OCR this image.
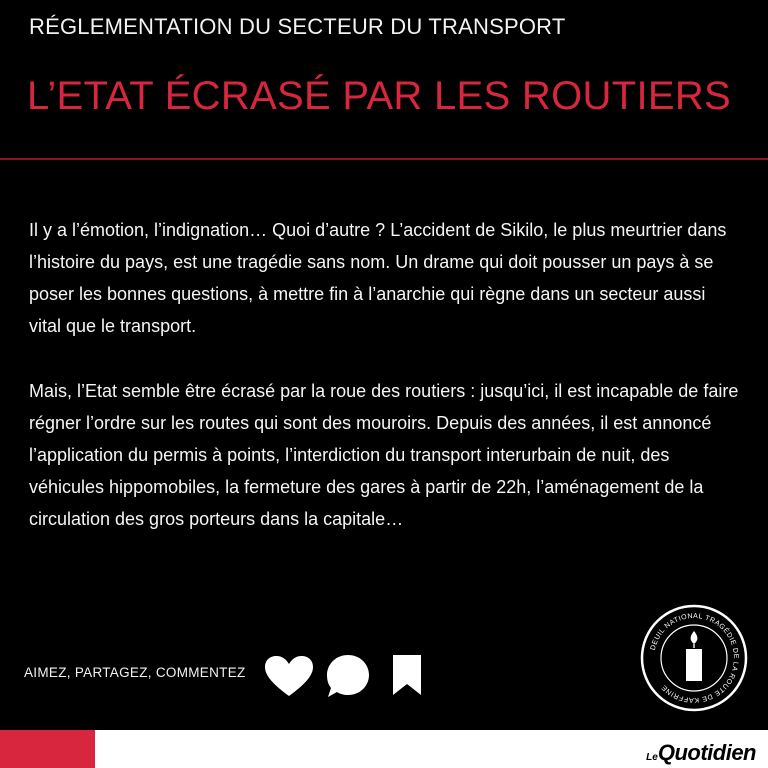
RÉGLEMENTATION DU SECTEUR DU TRANSPORT
L’ETAT ÉCRASÉ PAR LES ROUTIERS

Il y a l’émotion, l’indignation… Quoi d’autre ? L’accident de Sikilo, le plus meurtrier dans l’histoire du pays, est une tragédie sans nom. Un drame qui doit pousser un pays à se poser les bonnes questions, à mettre fin à l’anarchie qui règne dans un secteur aussi vital que le transport.

Mais, l’Etat semble être écrasé par la roue des routiers : jusqu’ici, il est incapable de faire régner l’ordre sur les routes qui sont des mouroirs. Depuis des années, il est annoncé l’application du permis à points, l’interdiction du transport interurbain de nuit, des véhicules hippomobiles, la fermeture des gares à partir de 22h, l’aménagement de la circulation des gros porteurs dans la capitale…

AIMEZ, PARTAGEZ, COMMENTEZ
DEUIL NATIONAL TRAGÉDIE DE LA ROUTE DE KAFFRINE
LeQuotidien
